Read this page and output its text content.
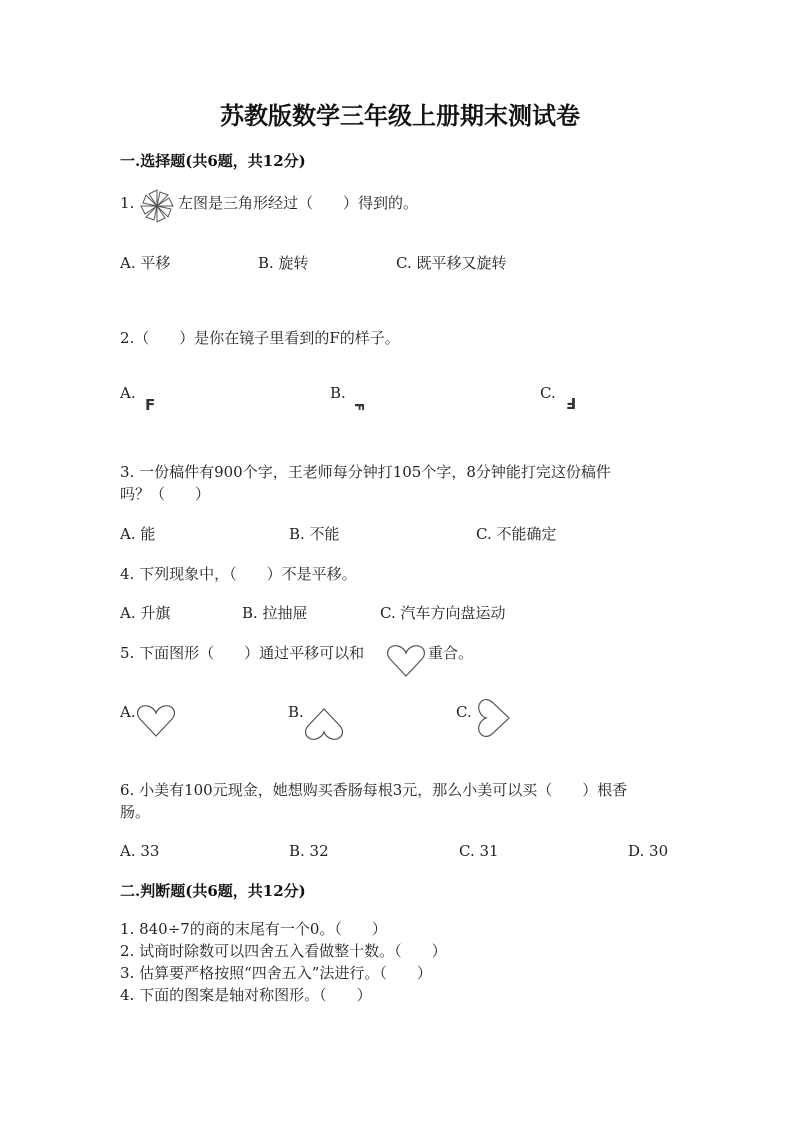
苏教版数学三年级上册期末测试卷
一.选择题(共6题，共12分)
1.	左图是三角形经过（　　）得到的。
A. 平移	B. 旋转	C. 既平移又旋转
2.（　　）是你在镜子里看到的F的样子。
A.
F
B.
F
C.
F
3. 一份稿件有900个字，王老师每分钟打105个字，8分钟能打完这份稿件
吗？（　　）
A. 能	B. 不能	C. 不能确定
4. 下列现象中，（　　）不是平移。
A. 升旗	B. 拉抽屉	C. 汽车方向盘运动
5. 下面图形（　　）通过平移可以和	重合。
A.	B.	C.
6. 小美有100元现金，她想购买香肠每根3元，那么小美可以买（　　）根香
肠。
A. 33	B. 32	C. 31	D. 30
二.判断题(共6题，共12分)
1. 840÷7的商的末尾有一个0。（　　）
2. 试商时除数可以四舍五入看做整十数。（　　）
3. 估算要严格按照“四舍五入”法进行。（　　）
4. 下面的图案是轴对称图形。（　　）
